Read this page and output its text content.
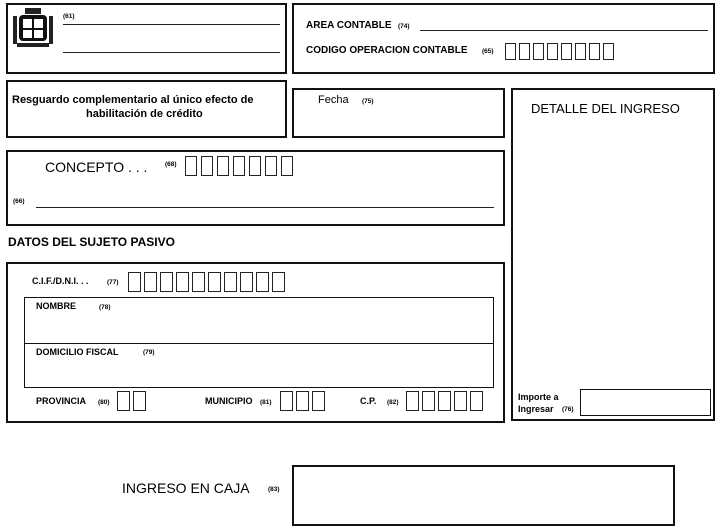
(61)
AREA CONTABLE (74)
CODIGO OPERACION CONTABLE (65)
Resguardo complementario al único efecto de
habilitación de crédito
Fecha (75)	DETALLE DEL INGRESO
Importe a
Ingresar (76)
CONCEPTO . . .	(68)
(66)
DATOS DEL SUJETO PASIVO
C.I.F./D.N.I. . .	(77)
NOMBRE	(78)
DOMICILIO FISCAL	(79)
PROVINCIA (80)	MUNICIPIO (81)	C.P. (82)
INGRESO EN CAJA	(83)
